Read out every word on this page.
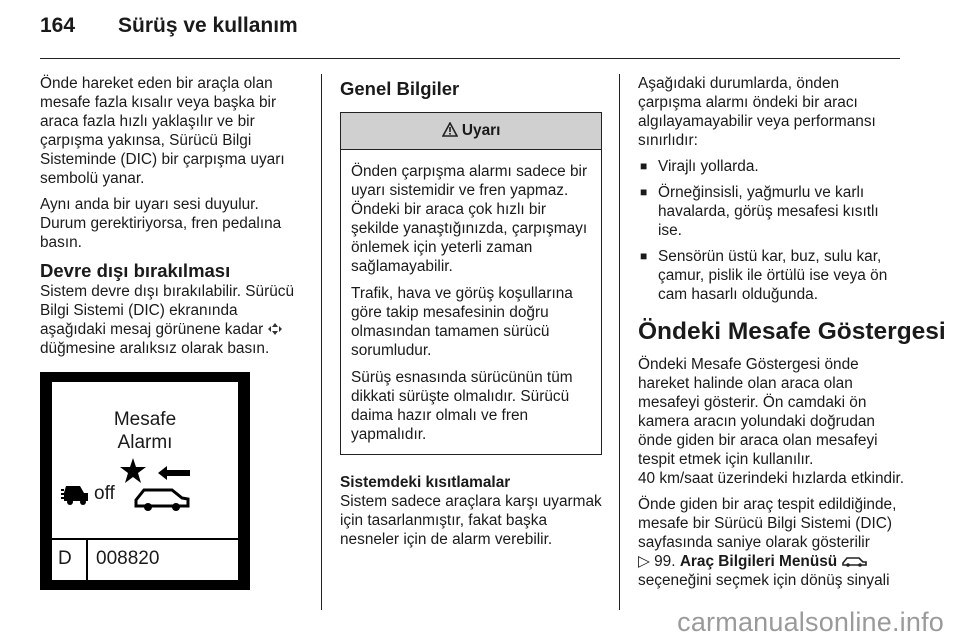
164 Sürüş ve kullanım

Önde hareket eden bir araçla olan mesafe fazla kısalır veya başka bir araca fazla hızlı yaklaşılır ve bir çarpışma yakınsa, Sürücü Bilgi Sisteminde (DIC) bir çarpışma uyarı sembolü yanar.

Aynı anda bir uyarı sesi duyulur. Durum gerektiriyorsa, fren pedalına basın.

Devre dışı bırakılması

Sistem devre dışı bırakılabilir. Sürücü Bilgi Sistemi (DIC) ekranında aşağıdaki mesaj görünene kadar  düğmesine aralıksız olarak basın.

Mesafe
Alarmı
off
D 008820
Genel Bilgiler
Uyarı

Önden çarpışma alarmı sadece bir uyarı sistemidir ve fren yapmaz. Öndeki bir araca çok hızlı bir şekilde yanaştığınızda, çarpışmayı önlemek için yeterli zaman sağlamayabilir.

Trafik, hava ve görüş koşullarına göre takip mesafesinin doğru olmasından tamamen sürücü sorumludur.

Sürüş esnasında sürücünün tüm dikkati sürüşte olmalıdır. Sürücü daima hazır olmalı ve fren yapmalıdır.

Sistemdeki kısıtlamalar

Sistem sadece araçlara karşı uyarmak için tasarlanmıştır, fakat başka nesneler için de alarm verebilir.

Aşağıdaki durumlarda, önden çarpışma alarmı öndeki bir aracı algılayamayabilir veya performansı sınırlıdır:

■ Virajlı yollarda.
■ Örneğinsisli, yağmurlu ve karlı havalarda, görüş mesafesi kısıtlı ise.
■ Sensörün üstü kar, buz, sulu kar, çamur, pislik ile örtülü ise veya ön cam hasarlı olduğunda.
Öndeki Mesafe Göstergesi

Öndeki Mesafe Göstergesi önde hareket halinde olan araca olan mesafeyi gösterir. Ön camdaki ön kamera aracın yolundaki doğrudan önde giden bir araca olan mesafeyi tespit etmek için kullanılır.

40 km/saat üzerindeki hızlarda etkindir.

Önde giden bir araç tespit edildiğinde, mesafe bir Sürücü Bilgi Sistemi (DIC) sayfasında saniye olarak gösterilir
▷ 99. Araç Bilgileri Menüsü
seçeneğini seçmek için dönüş sinyali

carmanualsonline.info
